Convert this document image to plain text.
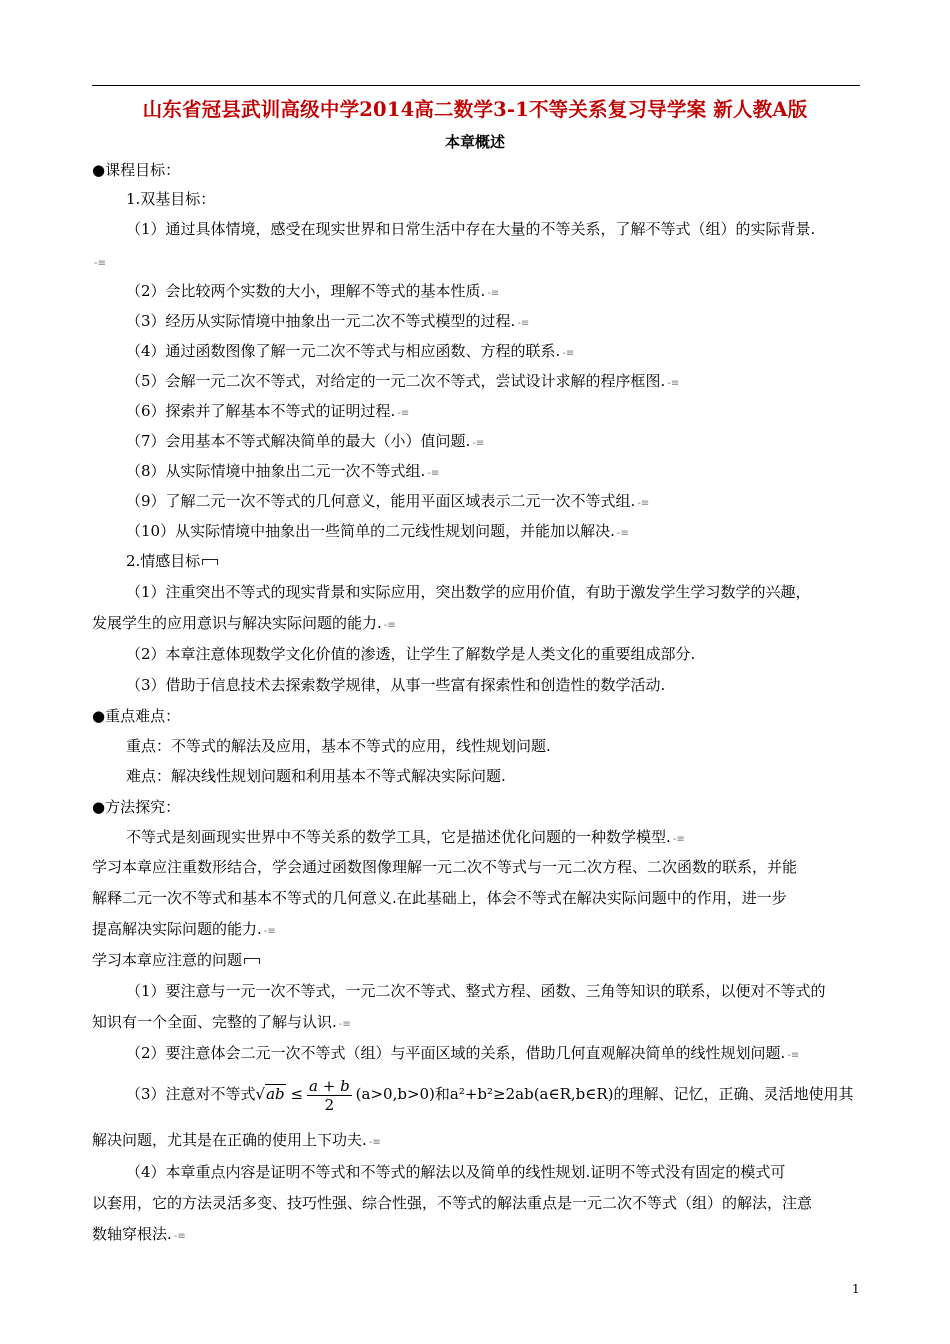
山东省冠县武训高级中学2014高二数学3-1不等关系复习导学案 新人教A版
本章概述
●课程目标：
1.双基目标：
（1）通过具体情境，感受在现实世界和日常生活中存在大量的不等关系，了解不等式（组）的实际背景.
-≡
（2）会比较两个实数的大小，理解不等式的基本性质. -≡
（3）经历从实际情境中抽象出一元二次不等式模型的过程. -≡
（4）通过函数图像了解一元二次不等式与相应函数、方程的联系. -≡
（5）会解一元二次不等式，对给定的一元二次不等式，尝试设计求解的程序框图. -≡
（6）探索并了解基本不等式的证明过程. -≡
（7）会用基本不等式解决简单的最大（小）值问题. -≡
（8）从实际情境中抽象出二元一次不等式组. -≡
（9）了解二元一次不等式的几何意义，能用平面区域表示二元一次不等式组. -≡
（10）从实际情境中抽象出一些简单的二元线性规划问题，并能加以解决. -≡
2.情感目标
（1）注重突出不等式的现实背景和实际应用，突出数学的应用价值，有助于激发学生学习数学的兴趣，
发展学生的应用意识与解决实际问题的能力. -≡
（2）本章注意体现数学文化价值的渗透，让学生了解数学是人类文化的重要组成部分.
（3）借助于信息技术去探索数学规律，从事一些富有探索性和创造性的数学活动.
●重点难点：
重点：不等式的解法及应用，基本不等式的应用，线性规划问题.
难点：解决线性规划问题和利用基本不等式解决实际问题.
●方法探究：
不等式是刻画现实世界中不等关系的数学工具，它是描述优化问题的一种数学模型. -≡
学习本章应注重数形结合，学会通过函数图像理解一元二次不等式与一元二次方程、二次函数的联系，并能
解释二元一次不等式和基本不等式的几何意义.在此基础上，体会不等式在解决实际问题中的作用，进一步
提高解决实际问题的能力. -≡
学习本章应注意的问题
（1）要注意与一元一次不等式，一元二次不等式、整式方程、函数、三角等知识的联系，以便对不等式的
知识有一个全面、完整的了解与认识. -≡
（2）要注意体会二元一次不等式（组）与平面区域的关系，借助几何直观解决简单的线性规划问题. -≡
（3）注意对不等式$√ab \le \frac{a + b}{2} (a>0,b>0)$和a²+b²≥2ab(a∈R,b∈R)的理解、记忆，正确、灵活地使用其
解决问题，尤其是在正确的使用上下功夫. -≡
（4）本章重点内容是证明不等式和不等式的解法以及简单的线性规划.证明不等式没有固定的模式可
以套用，它的方法灵活多变、技巧性强、综合性强，不等式的解法重点是一元二次不等式（组）的解法，注意
数轴穿根法. -≡
1
